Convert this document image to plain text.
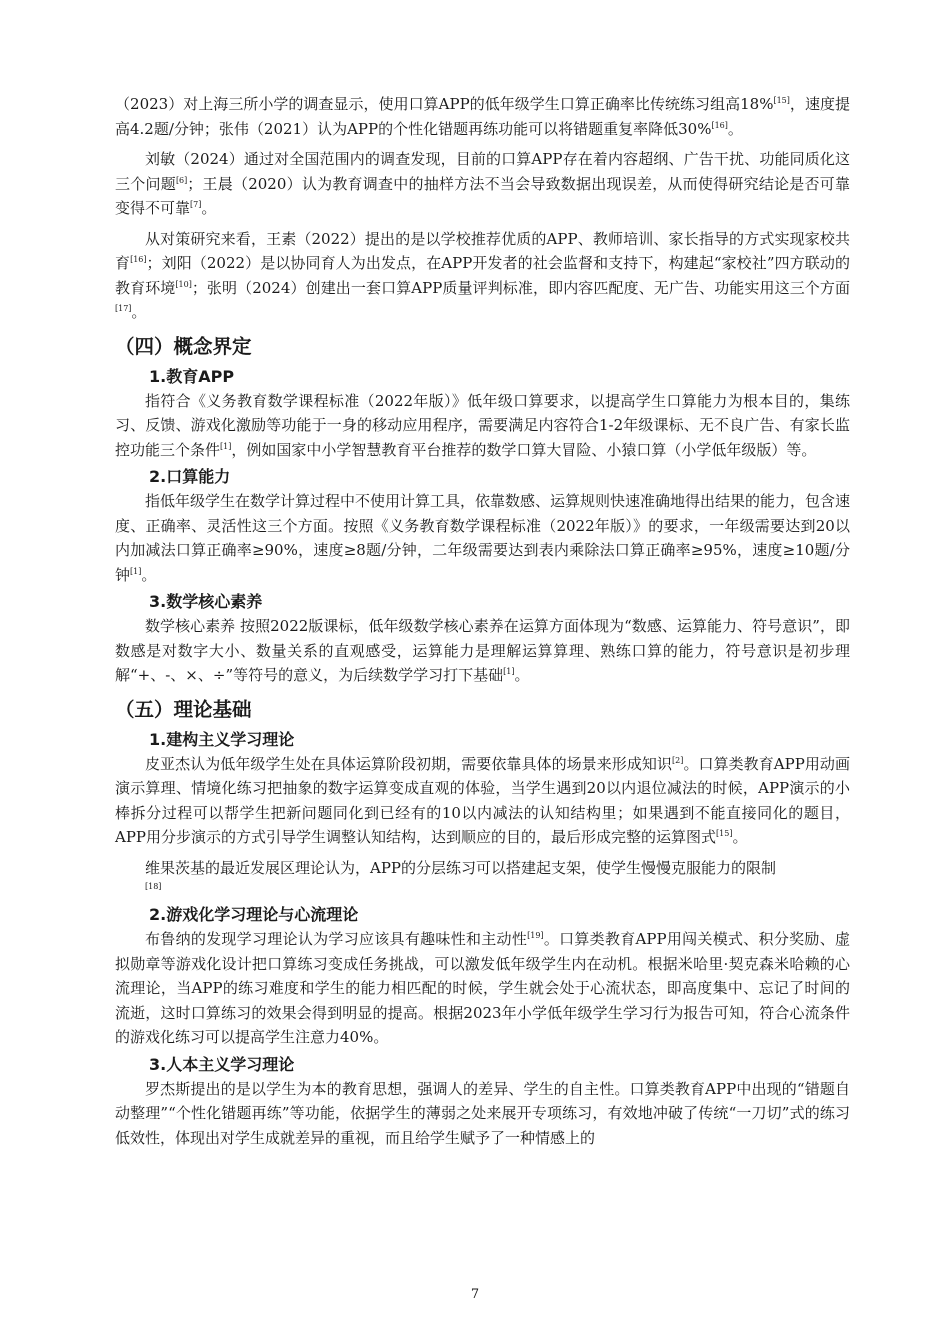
（2023）对上海三所小学的调查显示，使用口算APP的低年级学生口算正确率比传统练习组高18%[15]，速度提高4.2题/分钟；张伟（2021）认为APP的个性化错题再练功能可以将错题重复率降低30%[16]。

刘敏（2024）通过对全国范围内的调查发现，目前的口算APP存在着内容超纲、广告干扰、功能同质化这三个问题[6]；王晨（2020）认为教育调查中的抽样方法不当会导致数据出现误差，从而使得研究结论是否可靠变得不可靠[7]。

从对策研究来看，王素（2022）提出的是以学校推荐优质的APP、教师培训、家长指导的方式实现家校共育[16]；刘阳（2022）是以协同育人为出发点，在APP开发者的社会监督和支持下，构建起“家校社”四方联动的教育环境[10]；张明（2024）创建出一套口算APP质量评判标准，即内容匹配度、无广告、功能实用这三个方面[17]。

（四）概念界定
1.教育APP

指符合《义务教育数学课程标准（2022年版）》低年级口算要求，以提高学生口算能力为根本目的，集练习、反馈、游戏化激励等功能于一身的移动应用程序，需要满足内容符合1-2年级课标、无不良广告、有家长监控功能三个条件[1]，例如国家中小学智慧教育平台推荐的数学口算大冒险、小猿口算（小学低年级版）等。

2.口算能力

指低年级学生在数学计算过程中不使用计算工具，依靠数感、运算规则快速准确地得出结果的能力，包含速度、正确率、灵活性这三个方面。按照《义务教育数学课程标准（2022年版）》的要求，一年级需要达到20以内加减法口算正确率≥90%，速度≥8题/分钟，二年级需要达到表内乘除法口算正确率≥95%，速度≥10题/分钟[1]。

3.数学核心素养

数学核心素养 按照2022版课标，低年级数学核心素养在运算方面体现为“数感、运算能力、符号意识”，即数感是对数字大小、数量关系的直观感受，运算能力是理解运算算理、熟练口算的能力，符号意识是初步理解“+、-、×、÷”等符号的意义，为后续数学学习打下基础[1]。

（五）理论基础
1.建构主义学习理论

皮亚杰认为低年级学生处在具体运算阶段初期，需要依靠具体的场景来形成知识[2]。口算类教育APP用动画演示算理、情境化练习把抽象的数字运算变成直观的体验，当学生遇到20以内退位减法的时候，APP演示的小棒拆分过程可以帮学生把新问题同化到已经有的10以内减法的认知结构里；如果遇到不能直接同化的题目，APP用分步演示的方式引导学生调整认知结构，达到顺应的目的，最后形成完整的运算图式[15]。

维果茨基的最近发展区理论认为，APP的分层练习可以搭建起支架，使学生慢慢克服能力的限制
[18]

2.游戏化学习理论与心流理论

布鲁纳的发现学习理论认为学习应该具有趣味性和主动性[19]。口算类教育APP用闯关模式、积分奖励、虚拟勋章等游戏化设计把口算练习变成任务挑战，可以激发低年级学生内在动机。根据米哈里·契克森米哈赖的心流理论，当APP的练习难度和学生的能力相匹配的时候，学生就会处于心流状态，即高度集中、忘记了时间的流逝，这时口算练习的效果会得到明显的提高。根据2023年小学低年级学生学习行为报告可知，符合心流条件的游戏化练习可以提高学生注意力40%。

3.人本主义学习理论

罗杰斯提出的是以学生为本的教育思想，强调人的差异、学生的自主性。口算类教育APP中出现的“错题自动整理”“个性化错题再练”等功能，依据学生的薄弱之处来展开专项练习，有效地冲破了传统“一刀切”式的练习低效性，体现出对学生成就差异的重视，而且给学生赋予了一种情感上的

7
